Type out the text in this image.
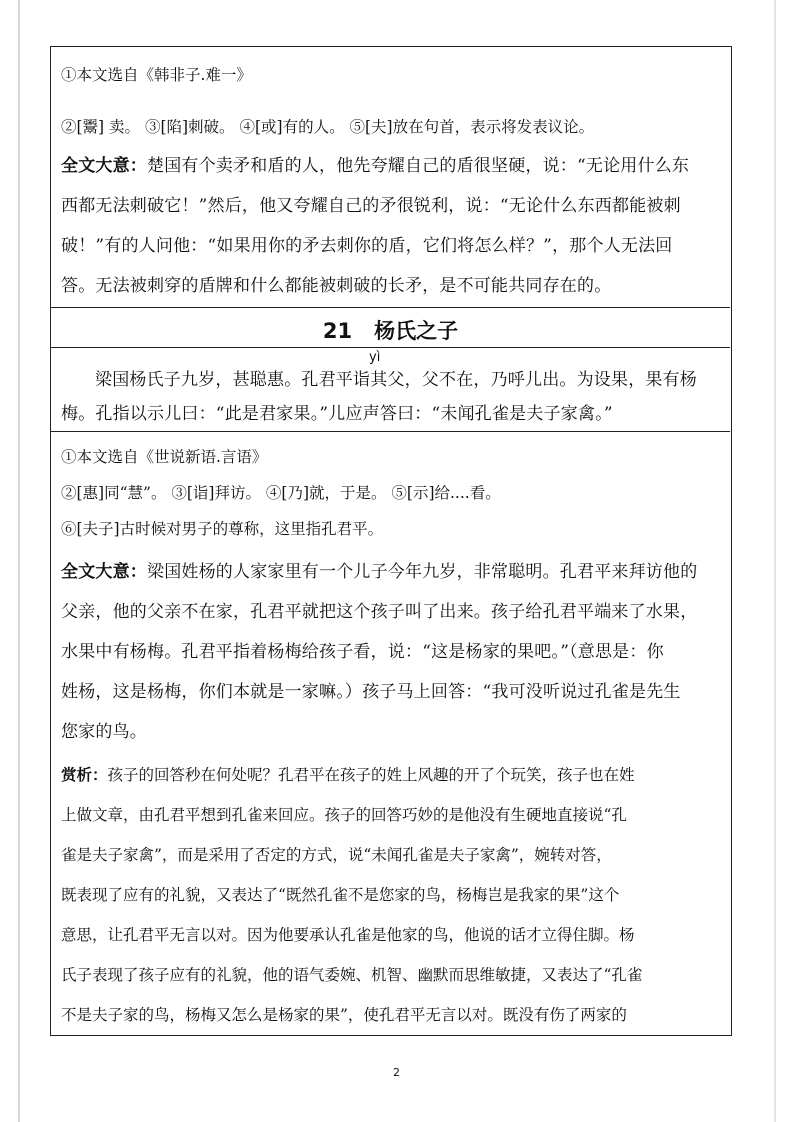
①本文选自《韩非子.难一》
②[鬻] 卖。 ③[陷]刺破。 ④[或]有的人。 ⑤[夫]放在句首，表示将发表议论。
全文大意：楚国有个卖矛和盾的人，他先夸耀自己的盾很坚硬，说：“无论用什么东
西都无法刺破它！”然后，他又夸耀自己的矛很锐利，说：“无论什么东西都能被刺
破！”有的人问他：“如果用你的矛去刺你的盾，它们将怎么样？”，那个人无法回
答。无法被刺穿的盾牌和什么都能被刺破的长矛，是不可能共同存在的。
21 杨氏之子
yì
梁国杨氏子九岁，甚聪惠。孔君平诣其父，父不在，乃呼儿出。为设果，果有杨
梅。孔指以示儿曰：“此是君家果。”儿应声答曰：“未闻孔雀是夫子家禽。”
①本文选自《世说新语.言语》
②[惠]同“慧”。 ③[诣]拜访。 ④[乃]就，于是。 ⑤[示]给....看。
⑥[夫子]古时候对男子的尊称，这里指孔君平。
全文大意：梁国姓杨的人家家里有一个儿子今年九岁，非常聪明。孔君平来拜访他的
父亲，他的父亲不在家，孔君平就把这个孩子叫了出来。孩子给孔君平端来了水果，
水果中有杨梅。孔君平指着杨梅给孩子看，说：“这是杨家的果吧。”（意思是：你
姓杨，这是杨梅，你们本就是一家嘛。）孩子马上回答：“我可没听说过孔雀是先生
您家的鸟。
赏析：孩子的回答秒在何处呢？孔君平在孩子的姓上风趣的开了个玩笑，孩子也在姓
上做文章，由孔君平想到孔雀来回应。孩子的回答巧妙的是他没有生硬地直接说“孔
雀是夫子家禽”，而是采用了否定的方式，说“未闻孔雀是夫子家禽”，婉转对答，
既表现了应有的礼貌，又表达了“既然孔雀不是您家的鸟，杨梅岂是我家的果”这个
意思，让孔君平无言以对。因为他要承认孔雀是他家的鸟，他说的话才立得住脚。杨
氏子表现了孩子应有的礼貌，他的语气委婉、机智、幽默而思维敏捷，又表达了“孔雀
不是夫子家的鸟，杨梅又怎么是杨家的果”，使孔君平无言以对。既没有伤了两家的
2
